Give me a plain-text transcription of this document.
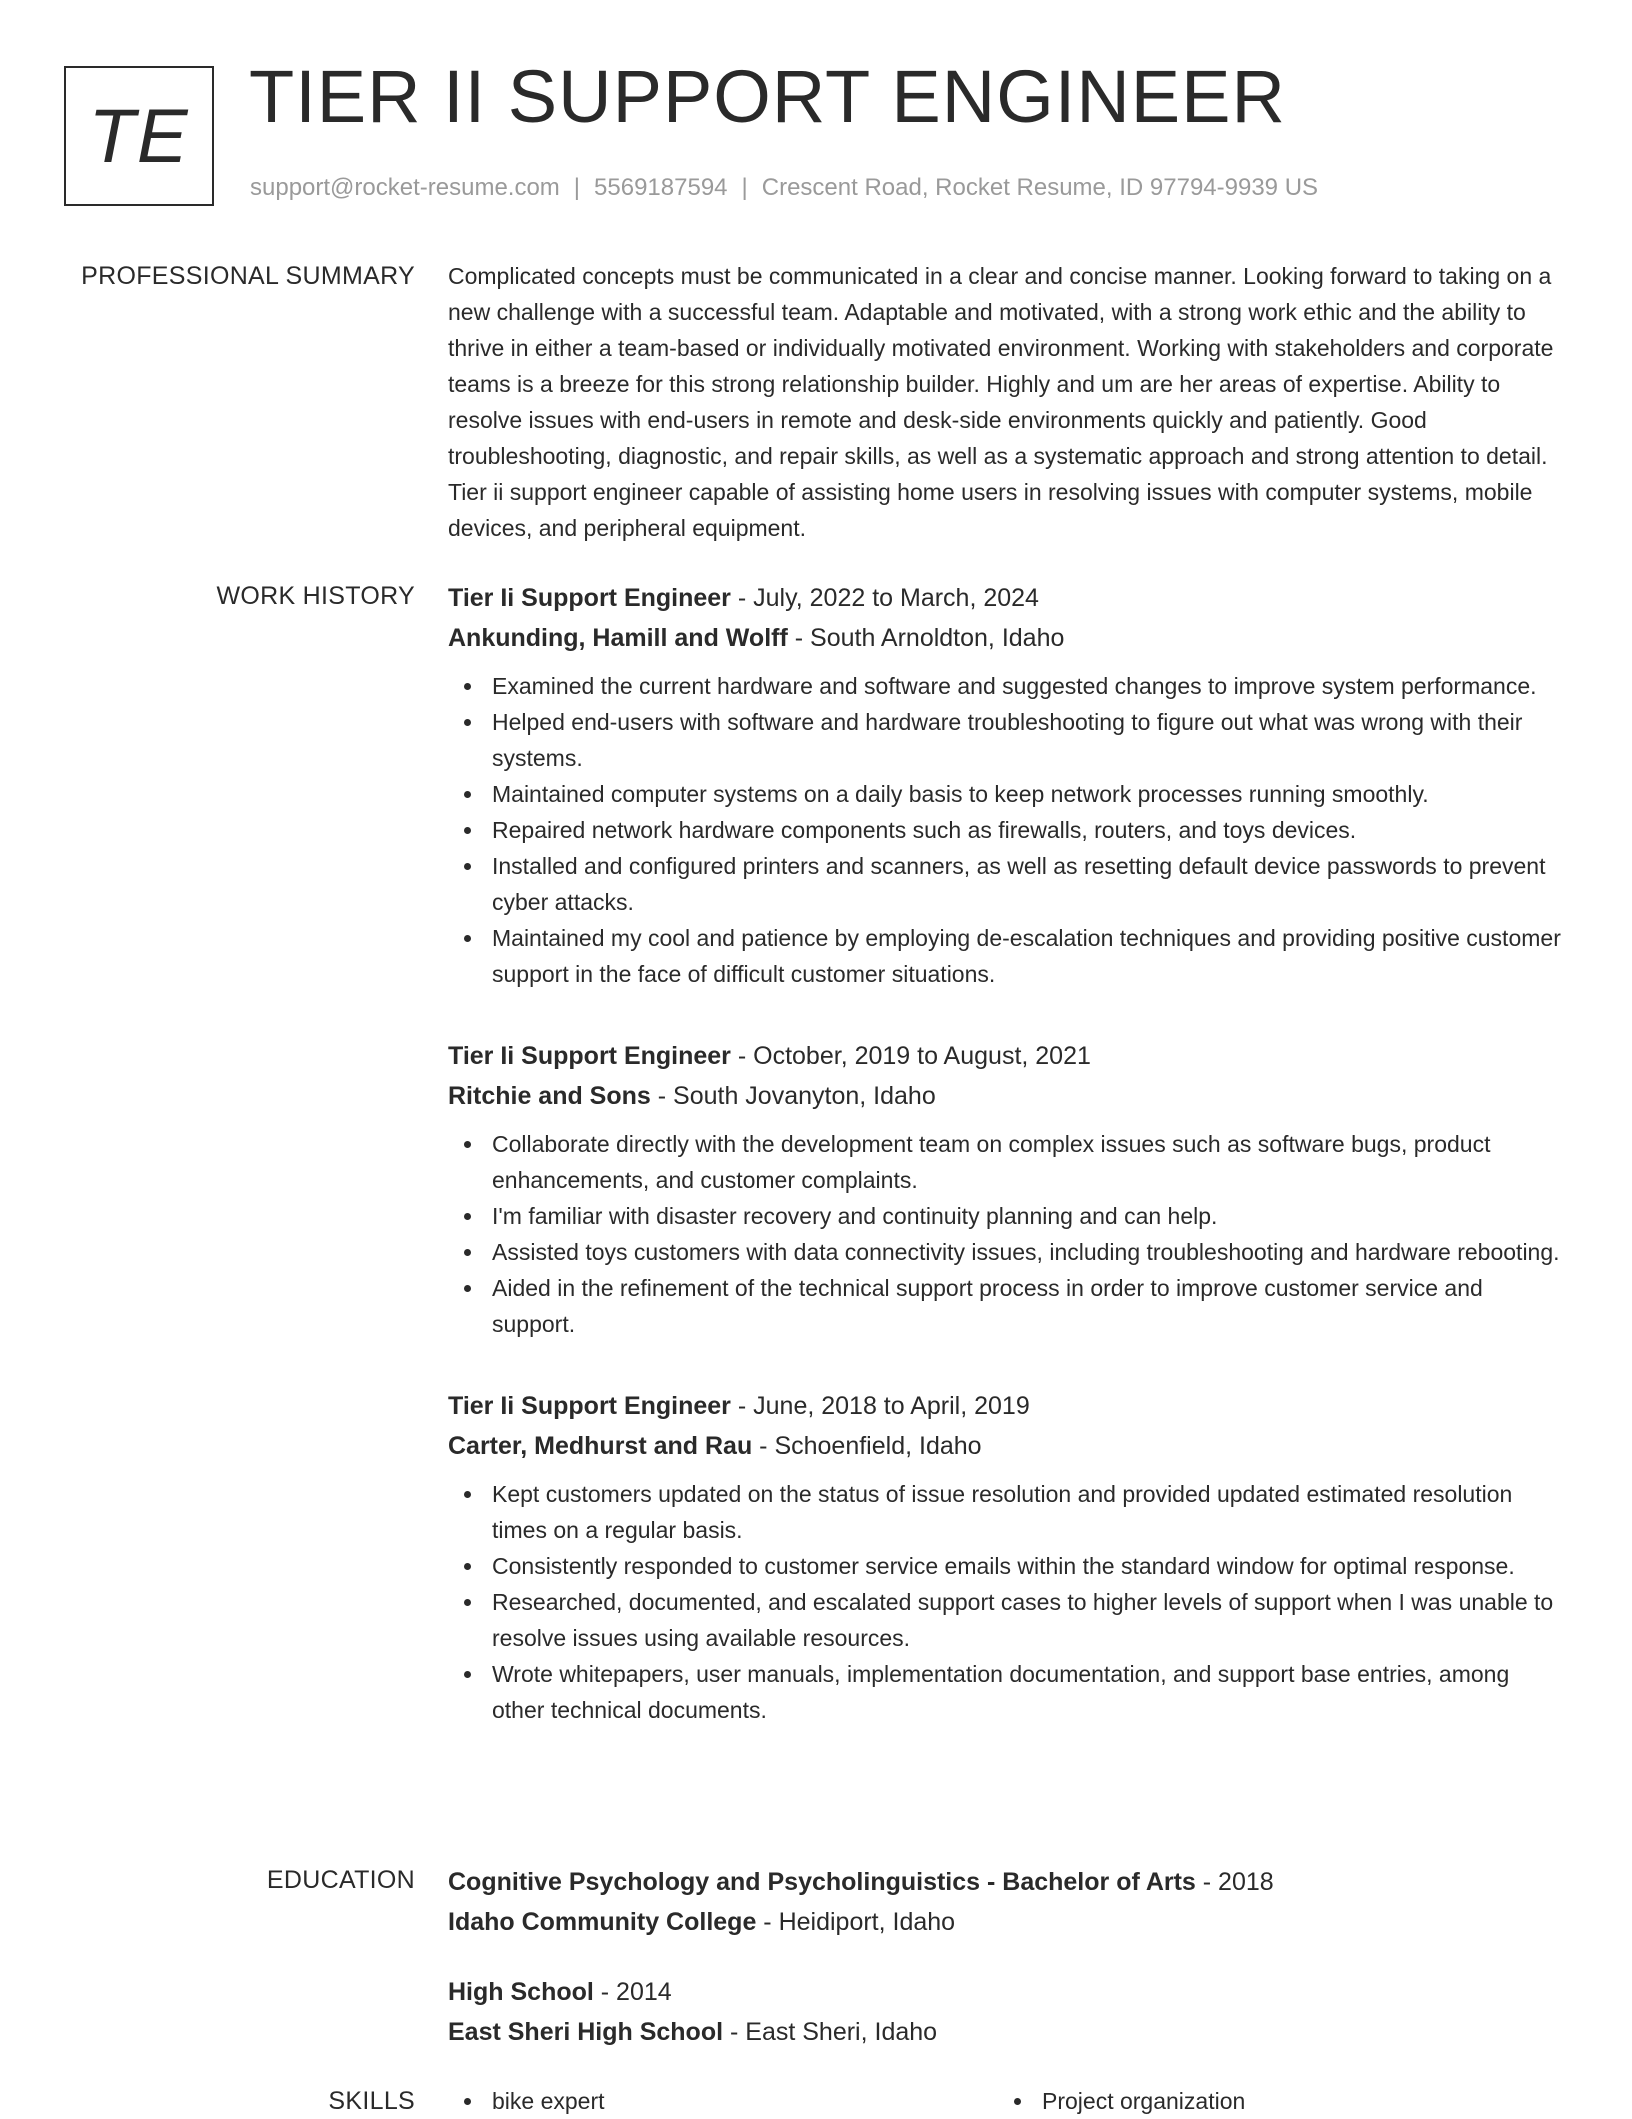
TE TIER II SUPPORT ENGINEER
support@rocket-resume.com | 5569187594 | Crescent Road, Rocket Resume, ID 97794-9939 US
PROFESSIONAL SUMMARY Complicated concepts must be communicated in a clear and concise manner. Looking forward to taking on a new challenge with a successful team. Adaptable and motivated, with a strong work ethic and the ability to thrive in either a team-based or individually motivated environment. Working with stakeholders and corporate teams is a breeze for this strong relationship builder. Highly and um are her areas of expertise. Ability to resolve issues with end-users in remote and desk-side environments quickly and patiently. Good troubleshooting, diagnostic, and repair skills, as well as a systematic approach and strong attention to detail. Tier ii support engineer capable of assisting home users in resolving issues with computer systems, mobile devices, and peripheral equipment.

WORK HISTORY Tier Ii Support Engineer - July, 2022 to March, 2024
Ankunding, Hamill and Wolff - South Arnoldton, Idaho
Examined the current hardware and software and suggested changes to improve system performance.
Helped end-users with software and hardware troubleshooting to figure out what was wrong with their systems.
Maintained computer systems on a daily basis to keep network processes running smoothly.
Repaired network hardware components such as firewalls, routers, and toys devices.
Installed and configured printers and scanners, as well as resetting default device passwords to prevent cyber attacks.
Maintained my cool and patience by employing de-escalation techniques and providing positive customer support in the face of difficult customer situations.
Tier Ii Support Engineer - October, 2019 to August, 2021
Ritchie and Sons - South Jovanyton, Idaho
Collaborate directly with the development team on complex issues such as software bugs, product enhancements, and customer complaints.
I'm familiar with disaster recovery and continuity planning and can help.
Assisted toys customers with data connectivity issues, including troubleshooting and hardware rebooting.
Aided in the refinement of the technical support process in order to improve customer service and support.
Tier Ii Support Engineer - June, 2018 to April, 2019
Carter, Medhurst and Rau - Schoenfield, Idaho
Kept customers updated on the status of issue resolution and provided updated estimated resolution times on a regular basis.
Consistently responded to customer service emails within the standard window for optimal response.
Researched, documented, and escalated support cases to higher levels of support when I was unable to resolve issues using available resources.
Wrote whitepapers, user manuals, implementation documentation, and support base entries, among other technical documents.
EDUCATION Cognitive Psychology and Psycholinguistics - Bachelor of Arts - 2018
Idaho Community College - Heidiport, Idaho
High School - 2014
East Sheri High School - East Sheri, Idaho
SKILLS	bike expert	Project organization
